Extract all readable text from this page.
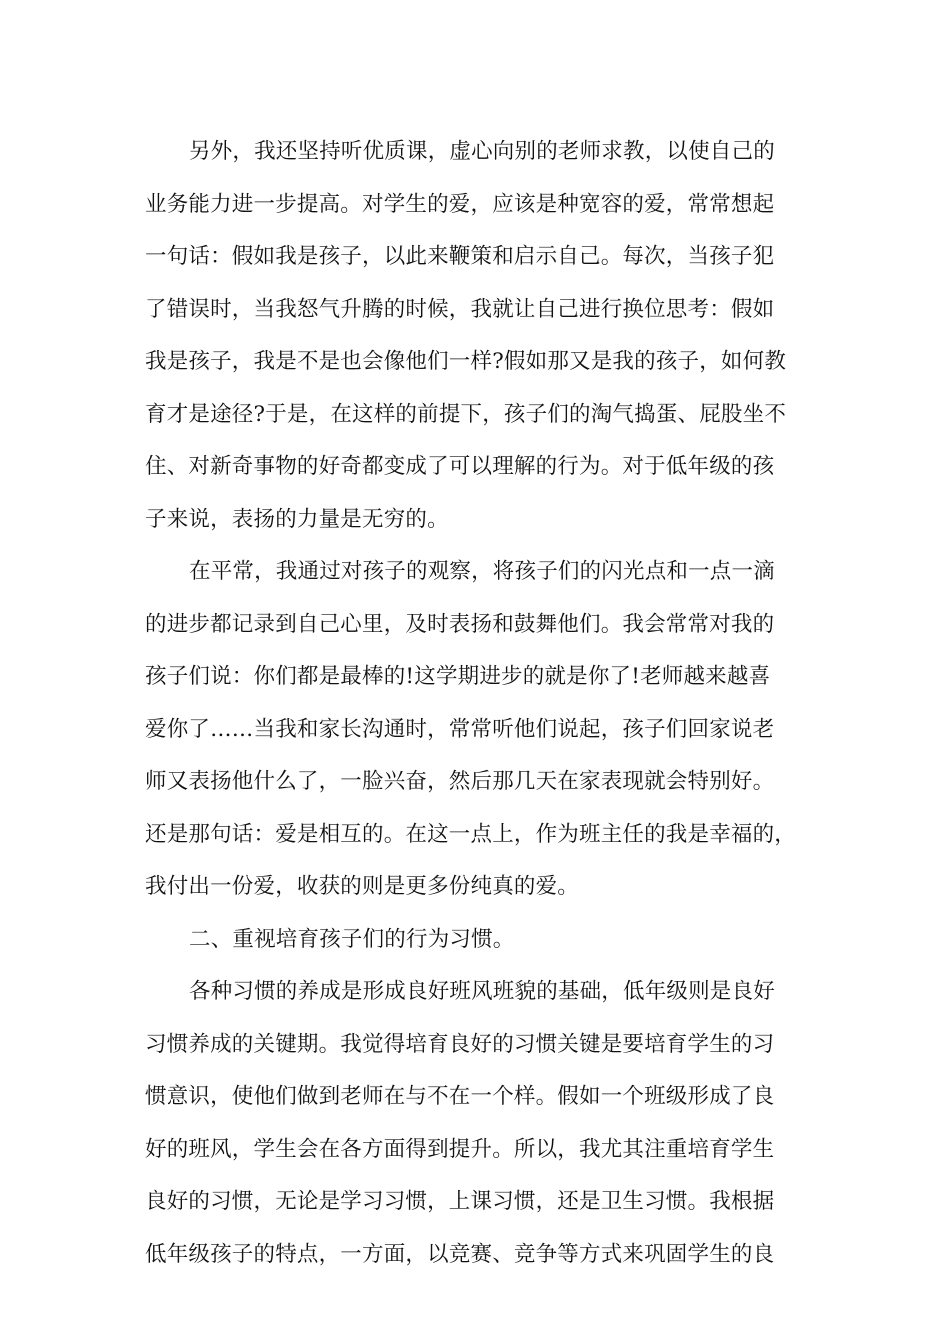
另外，我还坚持听优质课，虚心向别的老师求教，以使自己的
业务能力进一步提高。对学生的爱，应该是种宽容的爱，常常想起
一句话：假如我是孩子，以此来鞭策和启示自己。每次，当孩子犯
了错误时，当我怒气升腾的时候，我就让自己进行换位思考：假如
我是孩子，我是不是也会像他们一样?假如那又是我的孩子，如何教
育才是途径?于是，在这样的前提下，孩子们的淘气捣蛋、屁股坐不
住、对新奇事物的好奇都变成了可以理解的行为。对于低年级的孩
子来说，表扬的力量是无穷的。
在平常，我通过对孩子的观察，将孩子们的闪光点和一点一滴
的进步都记录到自己心里，及时表扬和鼓舞他们。我会常常对我的
孩子们说：你们都是最棒的!这学期进步的就是你了!老师越来越喜
爱你了……当我和家长沟通时，常常听他们说起，孩子们回家说老
师又表扬他什么了，一脸兴奋，然后那几天在家表现就会特别好。
还是那句话：爱是相互的。在这一点上，作为班主任的我是幸福的，
我付出一份爱，收获的则是更多份纯真的爱。
二、重视培育孩子们的行为习惯。
各种习惯的养成是形成良好班风班貌的基础，低年级则是良好
习惯养成的关键期。我觉得培育良好的习惯关键是要培育学生的习
惯意识，使他们做到老师在与不在一个样。假如一个班级形成了良
好的班风，学生会在各方面得到提升。所以，我尤其注重培育学生
良好的习惯，无论是学习习惯，上课习惯，还是卫生习惯。我根据
低年级孩子的特点，一方面，以竞赛、竞争等方式来巩固学生的良
